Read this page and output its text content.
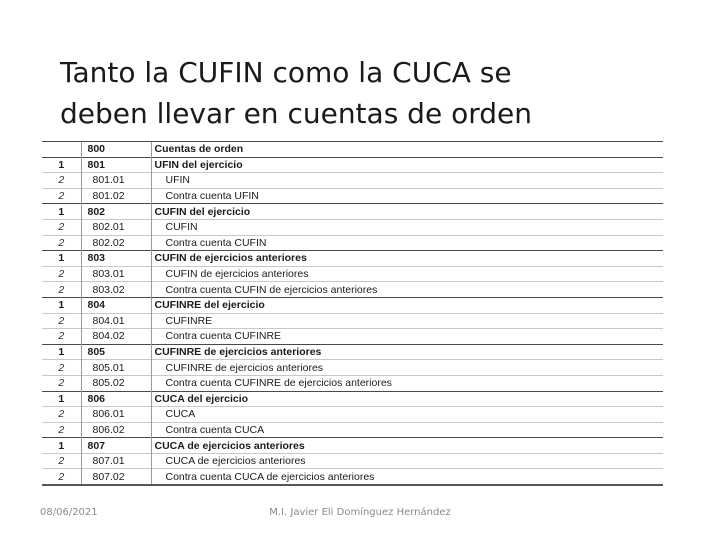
Tanto la CUFIN como la CUCA se
deben llevar en cuentas de orden
	800	Cuentas de orden
1	801	UFIN del ejercicio
2	801.01	UFIN
2	801.02	Contra cuenta UFIN
1	802	CUFIN del ejercicio
2	802.01	CUFIN
2	802.02	Contra cuenta CUFIN
1	803	CUFIN de ejercicios anteriores
2	803.01	CUFIN de ejercicios anteriores
2	803.02	Contra cuenta CUFIN de ejercicios anteriores
1	804	CUFINRE del ejercicio
2	804.01	CUFINRE
2	804.02	Contra cuenta CUFINRE
1	805	CUFINRE de ejercicios anteriores
2	805.01	CUFINRE de ejercicios anteriores
2	805.02	Contra cuenta CUFINRE de ejercicios anteriores
1	806	CUCA del ejercicio
2	806.01	CUCA
2	806.02	Contra cuenta CUCA
1	807	CUCA de ejercicios anteriores
2	807.01	CUCA de ejercicios anteriores
2	807.02	Contra cuenta CUCA de ejercicios anteriores
08/06/2021	M.I. Javier Eli Domínguez Hernández
